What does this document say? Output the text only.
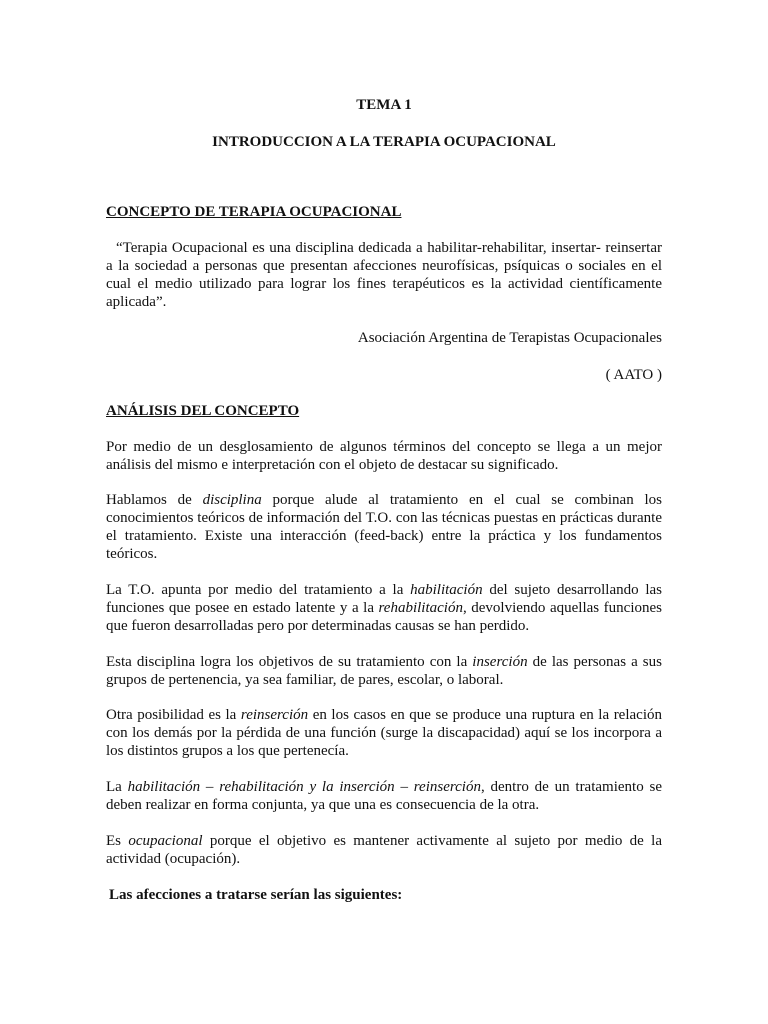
TEMA 1
INTRODUCCION A LA TERAPIA OCUPACIONAL
CONCEPTO DE TERAPIA OCUPACIONAL
“Terapia Ocupacional es una disciplina dedicada a habilitar-rehabilitar, insertar- reinsertar a la sociedad a personas que presentan afecciones neurofísicas, psíquicas o sociales en el cual el medio utilizado para lograr los fines terapéuticos es la actividad científicamente aplicada”.
Asociación Argentina de Terapistas Ocupacionales
( AATO )
ANÁLISIS DEL CONCEPTO
Por medio de un desglosamiento de algunos términos del concepto se llega a un mejor análisis del mismo e interpretación con el objeto de destacar su significado.
Hablamos de disciplina porque alude al tratamiento en el cual se combinan los conocimientos teóricos de información del T.O. con las técnicas puestas en prácticas durante el tratamiento. Existe una interacción (feed-back) entre la práctica y los fundamentos teóricos.
La T.O. apunta por medio del tratamiento a la habilitación del sujeto desarrollando las funciones que posee en estado latente y a la rehabilitación, devolviendo aquellas funciones que fueron desarrolladas pero por determinadas causas se han perdido.
Esta disciplina logra los objetivos de su tratamiento con la inserción de las personas a sus grupos de pertenencia, ya sea familiar, de pares, escolar, o laboral.
Otra posibilidad es la reinserción en los casos en que se produce una ruptura en la relación con los demás por la pérdida de una función (surge la discapacidad) aquí se los incorpora a los distintos grupos a los que pertenecía.
La habilitación – rehabilitación y la inserción – reinserción, dentro de un tratamiento se deben realizar en forma conjunta, ya que una es consecuencia de la otra.
Es ocupacional porque el objetivo es mantener activamente al sujeto por medio de la actividad (ocupación).
Las afecciones a tratarse serían las siguientes:
